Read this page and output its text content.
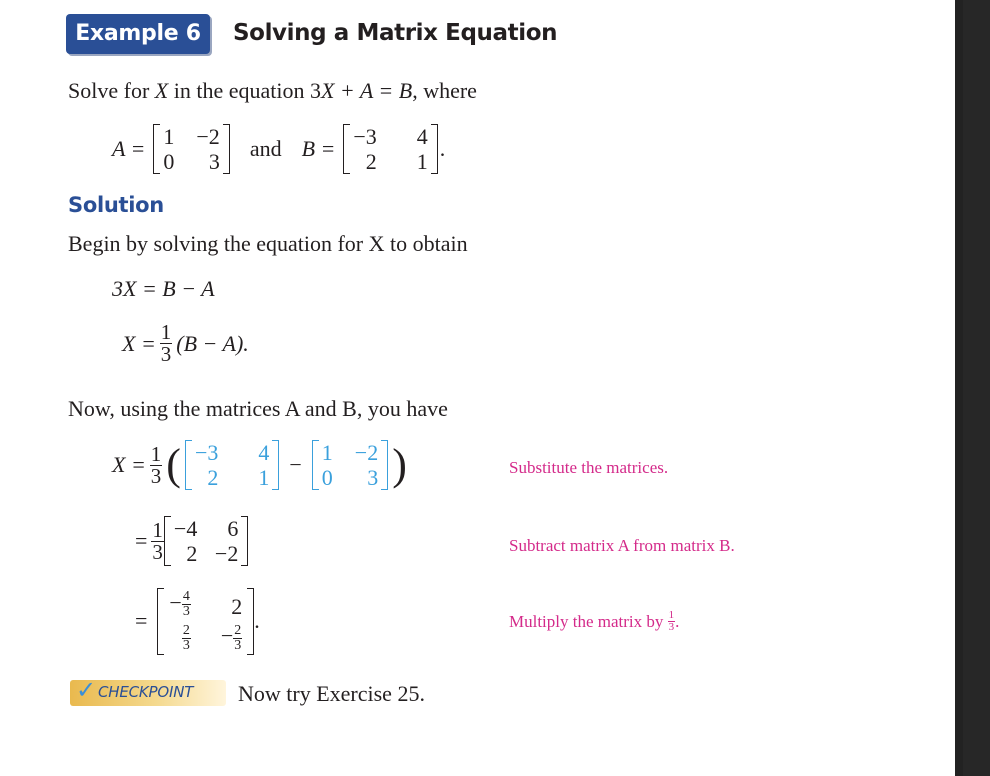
Example 6	Solving a Matrix Equation
Solve for X in the equation 3X + A = B, where
A = 1	−2
0	3
and B = −3	4
2	1
.
Solution
Begin by solving the equation for X to obtain
3X = B − A
$X = \frac{1}{3} (B - A)$.
Now, using the matrices A and B, you have
$X = \frac{1}{3}$ ( −3	4
2	1
− 1	−2
0	3 )
= $\frac{1}{3} -4$	6
2	−2
=
− $\frac{4}{3}$	2

$\frac{2}{3}$	− $\frac{2}{3}$
.
Substitute the matrices.
Subtract matrix A from matrix B.
Multiply the matrix by 1
3 .
✓ CHECKPOINT Now try Exercise 25.
